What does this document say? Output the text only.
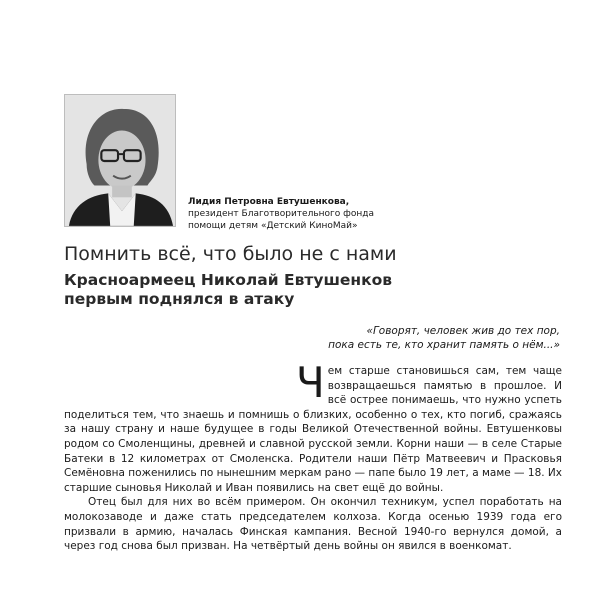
Лидия Петровна Евтушенкова,
президент Благотворительного фонда
помощи детям «Детский КиноМай»
Помнить всё, что было не с нами
Красноармеец Николай Евтушенков
первым поднялся в атаку
«Говорят, человек жив до тех пор,
пока есть те, кто хранит память о нём...»
Ч ем старше становишься сам, тем чаще возвращаешься памятью в прошлое. И всё острее понимаешь, что нужно успеть поделиться тем, что знаешь и помнишь о близких, особенно о тех, кто погиб, сражаясь за нашу страну и наше будущее в годы Великой Отечественной войны. Евтушенковы родом со Смоленщины, древней и славной русской земли. Корни наши — в селе Старые Батеки в 12 километрах от Смоленска. Родители наши Пётр Матвеевич и Прасковья Семёновна поженились по нынешним меркам рано — папе было 19 лет, а маме — 18. Их старшие сыновья Николай и Иван появились на свет ещё до войны.

Отец был для них во всём примером. Он окончил техникум, успел поработать на молокозаводе и даже стать председателем колхоза. Когда осенью 1939 года его призвали в армию, началась Финская кампания. Весной 1940-го вернулся домой, а через год снова был призван. На четвёртый день войны он явился в военкомат.
